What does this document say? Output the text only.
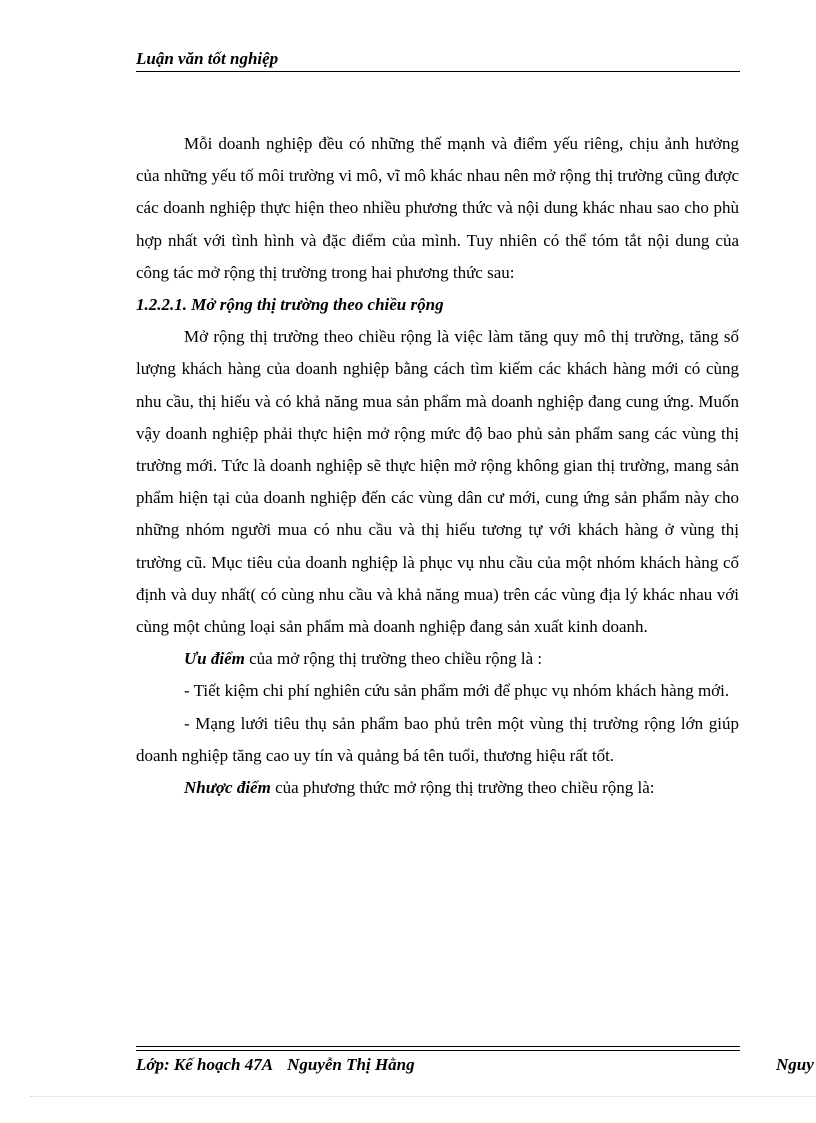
Luận văn tốt nghiệp

Mỗi doanh nghiệp đều có những thế mạnh và điểm yếu riêng, chịu ảnh hưởng của những yếu tố môi trường vi mô, vĩ mô khác nhau nên mở rộng thị trường cũng được các doanh nghiệp thực hiện theo nhiều phương thức và nội dung khác nhau sao cho phù hợp nhất với tình hình và đặc điểm của mình. Tuy nhiên có thể tóm tắt nội dung của công tác mở rộng thị trường trong hai phương thức sau:

1.2.2.1. Mở rộng thị trường theo chiều rộng

Mở rộng thị trường theo chiều rộng là việc làm tăng quy mô thị trường, tăng số lượng khách hàng của doanh nghiệp bằng cách tìm kiếm các khách hàng mới có cùng nhu cầu, thị hiếu và có khả năng mua sản phẩm mà doanh nghiệp đang cung ứng. Muốn vậy doanh nghiệp phải thực hiện mở rộng mức độ bao phủ sản phẩm sang các vùng thị trường mới. Tức là doanh nghiệp sẽ thực hiện mở rộng không gian thị trường, mang sản phẩm hiện tại của doanh nghiệp đến các vùng dân cư mới, cung ứng sản phẩm này cho những nhóm người mua có nhu cầu và thị hiếu tương tự với khách hàng ở vùng thị trường cũ. Mục tiêu của doanh nghiệp là phục vụ nhu cầu của một nhóm khách hàng cố định và duy nhất( có cùng nhu cầu và khả năng mua) trên các vùng địa lý khác nhau với cùng một chủng loại sản phẩm mà doanh nghiệp đang sản xuất kinh doanh.

Ưu điểm của mở rộng thị trường theo chiều rộng là :

- Tiết kiệm chi phí nghiên cứu sản phẩm mới để phục vụ nhóm khách hàng mới.

- Mạng lưới tiêu thụ sản phẩm bao phủ trên một vùng thị trường rộng lớn giúp doanh nghiệp tăng cao uy tín và quảng bá tên tuổi, thương hiệu rất tốt.

Nhược điểm của phương thức mở rộng thị trường theo chiều rộng là:

Lớp: Kế hoạch 47A Nguyễn Thị Hằng	Nguy
